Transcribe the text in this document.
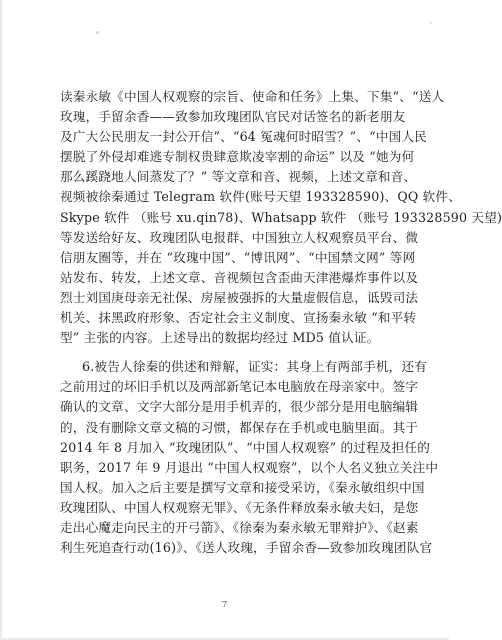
读秦永敏《中国人权观察的宗旨、使命和任务》上集、下集”、“送人
玫瑰，手留余香——致参加玫瑰团队官民对话签名的新老朋友
及广大公民朋友一封公开信”、“64 冤魂何时昭雪？”、“中国人民
摆脱了外侵却难逃专制权贵肆意欺凌宰割的命运” 以及 “她为何
那么蹊跷地人间蒸发了？” 等文章和音、视频，上述文章和音、
视频被徐秦通过 Telegram 软件(账号天望 193328590)、QQ 软件、
Skype 软件 （账号 xu.qin78)、Whatsapp 软件 （账号 193328590 天望)
等发送给好友、玫瑰团队电报群、中国独立人权观察员平台、微
信朋友圈等，并在 “玫瑰中国”、“博讯网”、“中国禁文网” 等网
站发布、转发，上述文章、音视频包含歪曲天津港爆炸事件以及
烈士刘国庚母亲无社保、房屋被强拆的大量虚假信息，诋毁司法
机关、抹黑政府形象、否定社会主义制度、宣扬秦永敏 “和平转
型” 主张的内容。上述导出的数据均经过 MD5 值认证。
6.被告人徐秦的供述和辩解，证实：其身上有两部手机，还有
之前用过的坏旧手机以及两部新笔记本电脑放在母亲家中。签字
确认的文章、文字大部分是用手机弄的，很少部分是用电脑编辑
的，没有删除文章文稿的习惯，都保存在手机或电脑里面。其于
2014 年 8 月加入 “玫瑰团队”、“中国人权观察” 的过程及担任的
职务，2017 年 9 月退出 “中国人权观察”，以个人名义独立关注中
国人权。加入之后主要是撰写文章和接受采访，《秦永敏组织中国
玫瑰团队、中国人权观察无罪》、《无条件释放秦永敏夫妇，是您
走出心魔走向民主的开弓箭》、《徐秦为秦永敏无罪辩护》、《赵素
利生死追查行动(16)》、《送人玫瑰，手留余香—致参加玫瑰团队官
7
